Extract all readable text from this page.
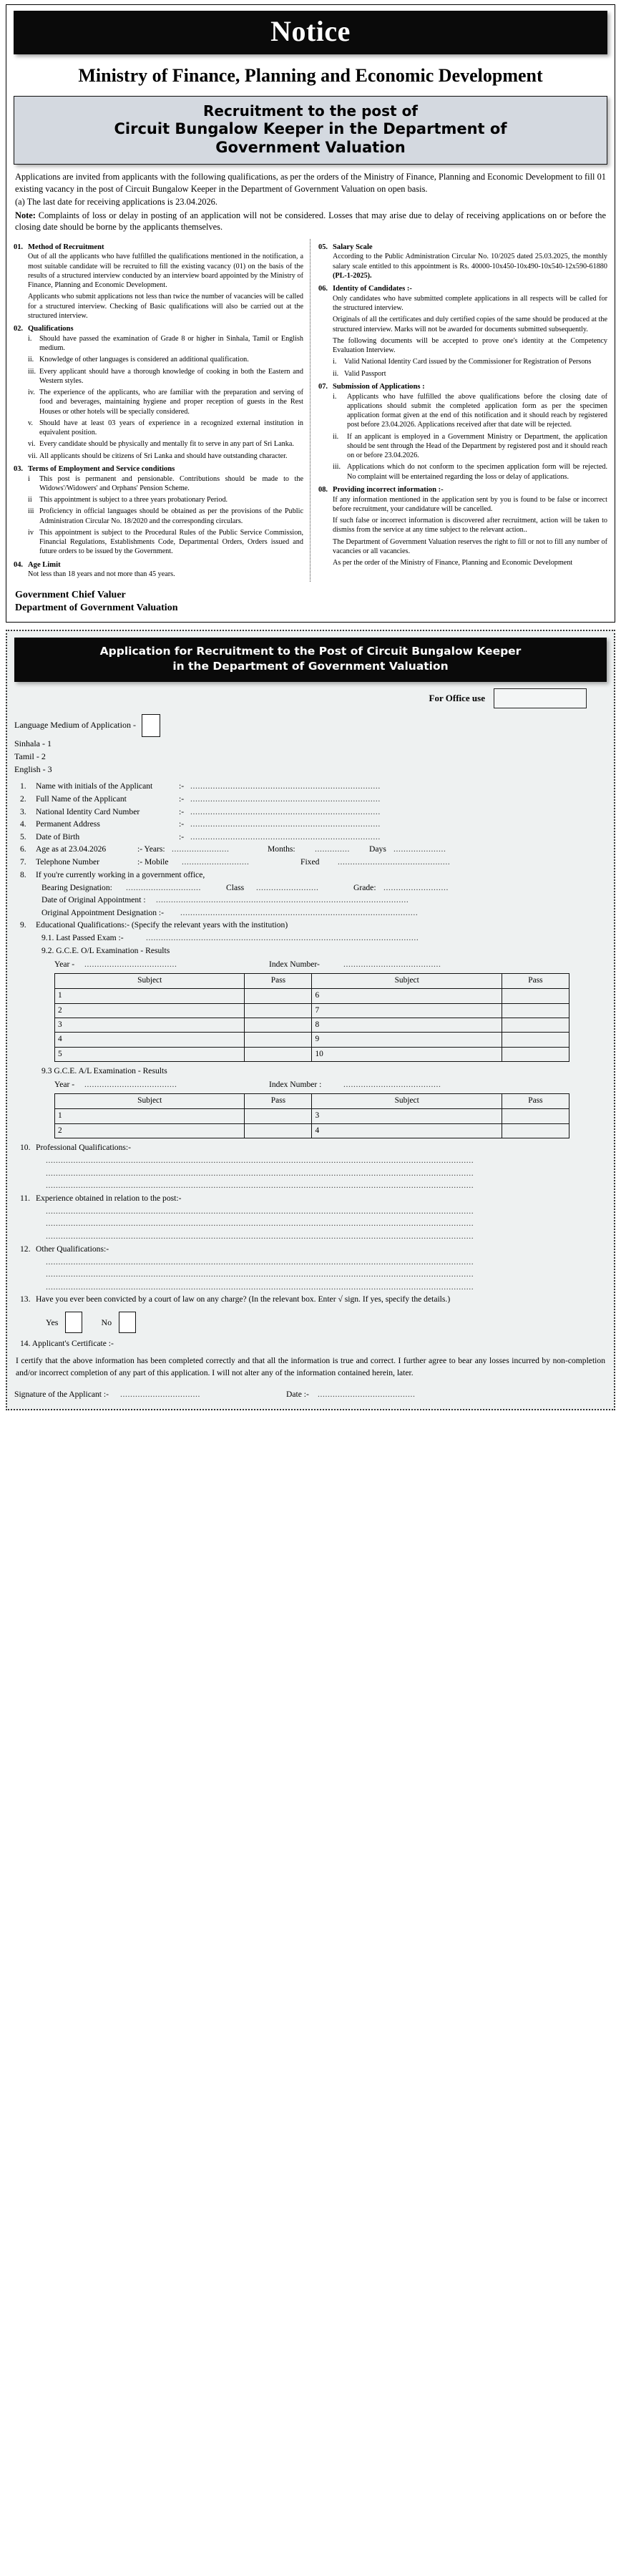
Notice
Ministry of Finance, Planning and Economic Development
Recruitment to the post of
Circuit Bungalow Keeper in the Department of
Government Valuation

Applications are invited from applicants with the following qualifications, as per the orders of the Ministry of Finance, Planning and Economic Development to fill 01 existing vacancy in the post of Circuit Bungalow Keeper in the Department of Government Valuation on open basis.

(a) The last date for receiving applications is 23.04.2026.

Note: Complaints of loss or delay in posting of an application will not be considered. Losses that may arise due to delay of receiving applications on or before the closing date should be borne by the applicants themselves.

01. Method of Recruitment

Out of all the applicants who have fulfilled the qualifications mentioned in the notification, a most suitable candidate will be recruited to fill the existing vacancy (01) on the basis of the results of a structured interview conducted by an interview board appointed by the Ministry of Finance, Planning and Economic Development.

Applicants who submit applications not less than twice the number of vacancies will be called for a structured interview. Checking of Basic qualifications will also be carried out at the structured interview.

02. Qualifications
i.	Should have passed the examination of Grade 8 or higher in Sinhala, Tamil or English medium.
ii. Knowledge of other languages is considered an additional qualification.
iii. Every applicant should have a thorough knowledge of cooking in both the Eastern and Western styles.
iv. The experience of the applicants, who are familiar with the preparation and serving of food and beverages, maintaining hygiene and proper reception of guests in the Rest Houses or other hotels will be specially considered.
v. Should have at least 03 years of experience in a recognized external institution in equivalent position.
vi. Every candidate should be physically and mentally fit to serve in any part of Sri Lanka.
vii. All applicants should be citizens of Sri Lanka and should have outstanding character.
03. Terms of Employment and Service conditions
i	This post is permanent and pensionable. Contributions should be made to the Widows'/Widowers' and Orphans' Pension Scheme.
ii	This appointment is subject to a three years probationary Period.
iii Proficiency in official languages should be obtained as per the provisions of the Public Administration Circular No. 18/2020 and the corresponding circulars.
iv This appointment is subject to the Procedural Rules of the Public Service Commission, Financial Regulations, Establishments Code, Departmental Orders, Orders issued and future orders to be issued by the Government.
04. Age Limit

Not less than 18 years and not more than 45 years.

05. Salary Scale

According to the Public Administration Circular No. 10/2025 dated 25.03.2025, the monthly salary scale entitled to this appointment is Rs. 40000-10x450-10x490-10x540-12x590-61880 (PL-1-2025).

06. Identity of Candidates :-

Only candidates who have submitted complete applications in all respects will be called for the structured interview.

Originals of all the certificates and duly certified copies of the same should be produced at the structured interview. Marks will not be awarded for documents submitted subsequently.

The following documents will be accepted to prove one's identity at the Competency Evaluation Interview.

i.	Valid National Identity Card issued by the Commissioner for Registration of Persons
ii. Valid Passport
07. Submission of Applications :
i.	Applicants who have fulfilled the above qualifications before the closing date of applications should submit the completed application form as per the specimen application format given at the end of this notification and it should reach by registered post before 23.04.2026. Applications received after that date will be rejected.
ii.	If an applicant is employed in a Government Ministry or Department, the application should be sent through the Head of the Department by registered post and it should reach on or before 23.04.2026.
iii. Applications which do not conform to the specimen application form will be rejected. No complaint will be entertained regarding the loss or delay of applications.
08. Providing incorrect information :-

If any information mentioned in the application sent by you is found to be false or incorrect before recruitment, your candidature will be cancelled.

If such false or incorrect information is discovered after recruitment, action will be taken to dismiss from the service at any time subject to the relevant action..

The Department of Government Valuation reserves the right to fill or not to fill any number of vacancies or all vacancies.

As per the order of the Ministry of Finance, Planning and Economic Development

Government Chief Valuer
Department of Government Valuation
Application for Recruitment to the Post of Circuit Bungalow Keeper
in the Department of Government Valuation
For Office use
Language Medium of Application -
Sinhala - 1
Tamil - 2
English - 3
1.	Name with initials of the Applicant	:- ............................................................................
2.	Full Name of the Applicant	:- ............................................................................
3.	National Identity Card Number	:- ............................................................................
4.	Permanent Address	:- ............................................................................
5.	Date of Birth	:- ............................................................................
6.	Age as at 23.04.2026	:- Years: .......................	Months:	..............	Days .....................
7.	Telephone Number	:- Mobile	...........................	Fixed	.............................................
8.	If you're currently working in a government office,
Bearing Designation:	..............................	Class	.........................	Grade: ..........................
Date of Original Appointment :	.....................................................................................................
Original Appointment Designation :-	...............................................................................................
9.	Educational Qualifications:- (Specify the relevant years with the institution)
9.1. Last Passed Exam :-	.............................................................................................................
9.2. G.C.E. O/L Examination - Results
Year -	.....................................	Index Number-	.......................................
Subject	Pass	Subject	Pass
1		6	
2		7	
3		8	
4		9	
5		10	
9.3 G.C.E. A/L Examination - Results
Year -	.....................................	Index Number :	.......................................
Subject	Pass	Subject	Pass
1		3	
2		4	
10. Professional Qualifications:-
...........................................................................................................................................................................
...........................................................................................................................................................................
...........................................................................................................................................................................
11. Experience obtained in relation to the post:-
...........................................................................................................................................................................
...........................................................................................................................................................................
...........................................................................................................................................................................
12. Other Qualifications:-
...........................................................................................................................................................................
...........................................................................................................................................................................
...........................................................................................................................................................................
13. Have you ever been convicted by a court of law on any charge? (In the relevant box. Enter √ sign. If yes, specify the details.)
Yes	No
14. Applicant's Certificate :-
I certify that the above information has been completed correctly and that all the information is true and correct. I further agree to bear any losses incurred by non-completion and/or incorrect completion of any part of this application. I will not alter any of the information contained herein, later.
Signature of the Applicant :-	................................	Date :-	.......................................
